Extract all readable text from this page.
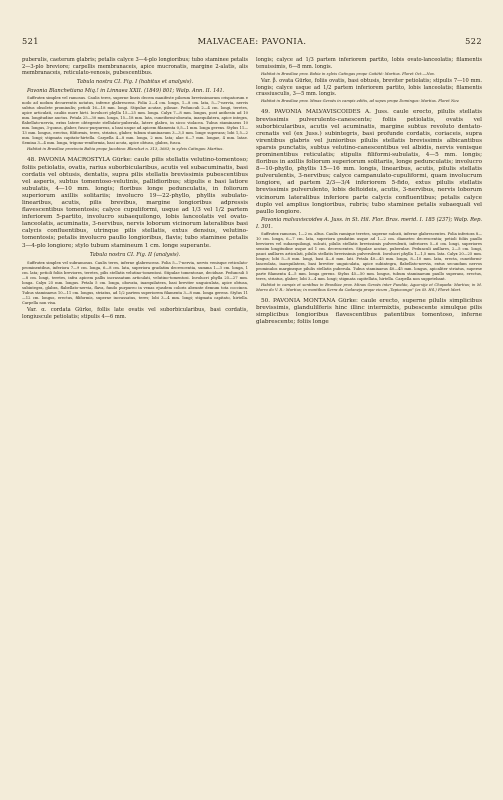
521	MALVACEAE: PAVONIA.	522

puberulis, caeterum glabris; petalis calyce 3—4-plo longioribus; tubo staminee petalis 2—3-plo breviore; carpellis membranaceis, apice mucronatis, margine 2-alatis, alis membranaceis, reticulato-venosis, pubescentibus.

Tabula nostra CI. Fig. I (habitus et analysis).

Pavonia Blanchetiana Miq.! in Linnaea XXII. (1849) 801; Walp. Ann. II. 141.

Suffrutex simplex vel ramosus. Caulis teres, superne lineis decem manifeste pilorum brevissimorum crispatorum e nodo ad nodum decurrentis notatus, inferne glabrescens. Folia 2—4 cm. longa, 1—8 cm. lata, 5—7-nervia, nervis subtus obsolete prominulis; petioli 16—18 mm. longi. Stipulae acutae, pilosae. Pedunculi 2—4 cm. longi, teretes, apice articulati, cauliis more hirti. Involucri phylla 15—25 mm. longa. Calyx 7—8 mm. longus, post anthesin ad 10 mm. longitudine auctus. Petala 25—30 mm. longa, 15—18 mm. lata, cuneiformi-obovata, inaequilatera, apice integra, flabellato-nervia, extus latere obtegente stellulato-puberula, latere glabro, in sicco violacea. Tubus staminaeus 10 mm. longus, 3-gonus, glaber, fusco-purpureus, a basi usque ad apicem filamenta 0,5—1 mm. longa gerens. Stylus 11—13 mm. longus, erectus, filiformis, teres, striatus, glaber, tubum staminaeum 3—3,5 mm. longe superans; lobi 1,5—2 mm. longi; stigmata capitato-hirtella. Carpella 4—8 mm. longa, 2 mm. lata; alae 6—7 mm. longae, 4 mm. latae. Semina 3—4 mm. longa, trigono-reniformia, basi acuta, apice obtuso, glabra, fusca.

Habitat in Brasiliae provincia Bahia prope Jacobina: Blanchet n. 313, 3663; in sylvis Catingas: Martius.

48. PAVONIA MACROSTYLA Gürke: caule pilis stellatis velutino-tomentoso; foliis petiolatis, ovatis, rarius suborbicularibus, acutis vel subacuminatis, basi cordatis vel obtusis, dentatis, supra pilis stellatis brevissimis pubescentibus vel asperis, subtus tomentoso-velutinis, pallidioribus; stipulis e basi latiore subulatis, 4—10 mm. longis; floribus longe pedunculatis, in foliorum superiorum axillis solitariis; involucro 19—22-phyllo, phyllis subulato-linearibus, acutis, pilis brevibus, margine longioribus adpressis flavescentibus tomentosis; calyce cupuliformi, usque ad 1/3 vel 1/2 partem inferiorem 5-partito, involucro subaequilongo, lobis lanceolatis vel ovato-lanceolatis, acuminatis, 3-nervibus, nervis loborum vicinorum lateralibus basi calycis confluentibus, utrinque pilis stellatis, extus densius, velutino-tomentosis; petalis involucro paullo longioribus, flavis; tubo staminee petalis 3—4-plo longiore; stylo tubum stamineum 1 cm. longe superante.

Tabula nostra CI. Fig. II (analysis).

Suffrutex simplex vel subramosus. Caulis teres, inferne glabrescens. Folia 5—7-nervia, nervis venisque reticulato-prominentibus, inferiora 7—9 cm. longa, 6—8 cm. lata, superiora gradatim decrescentia, summa 1—3 cm. longa, 1 cm. lata; petioli foliis breviores, teretes, pilis stellatis velutino-tomentosi. Stipulae tomentosae, deciduae. Pedunculi 5—8 cm. longi, teretes, infra apicem pallis incrassatum articulati, velutino-tomentosi. Involucri phylla 25—27 mm. longa. Calyx 25 mm. longus. Petala 5 cm. longa, obovata, inaequilatera, basi breviter unguiculata, apice obtusa, subintegra, glabra, flabellato-nervia, flava, fundo purpureo in venas ejusdem coloris abeunte demum tota coccinea. Tubus staminaeus 10—11 cm. longus, striatus, ad 1/2 partem superiorem filamenta 3—8 mm. longa gerens. Stylus 11—12 cm. longus, erectus, filiformis, superne incrassatus, teres; lobi 3—4 mm. longi; stigmata capitato, hirtella. Carpella non visa.

Var. α. cordata Gürke, follis late ovatis vel suborbicularibus, basi cordatis, longiuscule petiolatis; stipulis 4—6 mm.

longis; calyce ad 1/3 partem inferiorem partito, lobis ovato-lanceolatis; filamentis tenuissimis, 6—8 mm. longis.

Habitat in Brasiliae prov. Bahia in sylvis Catingas prope Caitété: Martius. Floret Oct.—Nov.

Var. β. ovata Gürke, foliis ovatis, basi obtusis, breviter petiolatis; stipulis 7—10 mm. longis; calyce usque ad 1/2 partem inferiorem partito, lobis lanceolatis; filamentis crassiusculis, 3—5 mm. longis.

Habitat in Brasiliae prov. Minas Geraës in campis editis, ad sepes prope Domingos: Martius. Floret Nov.

49. PAVONIA MALVAVISCOIDES A. Juss. caule erecto, pilulis stellatis brevissimis pulverulento-canescente; foliis petiolatis, ovatis vel suborbicularibus, acutis vel acuminatis, margine subtus revoluto dentato-crenatis vel (ex Juss.) subintegris, basi profunde cordatis, coriaceis, supra virentibus glabris vel junioribus pilulis stellatis brevissimis albicantibus sparsis punctatis, subtus velutino-canescentibus vel albidis, nervis venisque prominentibus reticulatis; stipulis filiformi-subulatis, 4—5 mm. longis; floribus in axillis foliorum superiorum solitariis, longe pedunculatis; involucro 8—10-phyllo, phyllis 15—16 mm. longis, linearibus, acutis, pilulis stellatis pulverulentis, 3-nervibus; calyce campanulato-cupuliformi, quam involucrum longiore, ad partem 2/3—3/4 inferiorem 5-fido, extus pilulis stellatis brevissimis pulverulento, lobis deltoideis, acutis, 3-nervibus, nervis loborum vicinorum lateralibus inferiore parte calycis confluentibus; petalis calyce duplo vel amplius longioribus, rubris; tubo staminee petalis subaequali vel paullo longiore.

Pavonia malvaviscoides A. Juss. in St. Hil. Flor. Bras. merid. I. 185 (237); Walp. Rep. I. 301.

Suffrutex ramosus, 1—2 m. altus. Caulis ramique teretes, superne sulcati, inferne glabrescentes. Folia inferiora 8—10 cm. longa, 6—7 cm. lata, superiora gradatim usque ad 1—2 cm. diametro decrescentia; petioli foliis paullo breviores vel subaequilongi, sulcati, pilulis stellatis brevissimis pulverulenti, inferiores 5—6 cm. longi, superiores sensim longitudine usque ad 1 cm. decrescentes. Stipulae acutae, puberulae. Pedunculi axillares, 2—5 cm. longi, pauci axillares articulati, pilulis stellatis brevissimis pulverulenti. Involucri phylla 1—1,5 mm. lata. Calyx 20—25 mm. longus; lobi 5—8 mm. longi, basi 4—6 mm. lati. Petala 40—45 mm. longa, 8—10 mm. lata, erecta, cuneiformi-lanceolata, inaequilatera, basi breviter unguiculata, apice subintegra, flabellato-nervia, extus secundum nervos prominulos margineque pilulis stellatis puberula. Tubus staminaeus 40—45 mm. longus, apicaliter striatus, superne parte filamenta 4—5 mm. longa gerens. Stylus 45—50 mm. longus, tubum staminaeum paullo superans, erectus, teres, striatus, glaber; lobi 3—4 mm. longi; stigmata capitellata, hirtella. Carpella non suppetebant.

Habitat in campis et sentibus in Brasiliae prov. Minas Geraës inter Fundão, Agoa-sija et Chapada: Martius; in M. Morro do V. R.: Martius; in montibus Serra da Cadaneja prope vicum „Tapiocanga” (ex St. Hil.) Floret Mart.

50. PAVONIA MONTANA Gürke: caule erecto, superne pilulis simplicibus brevissimis, glandulilferis hinc illinc intermixtis, pubescente simulque pilis simplicibus longioribus flavescentibus patentibus tomentoso, inferne glabrescente; foliis longe
